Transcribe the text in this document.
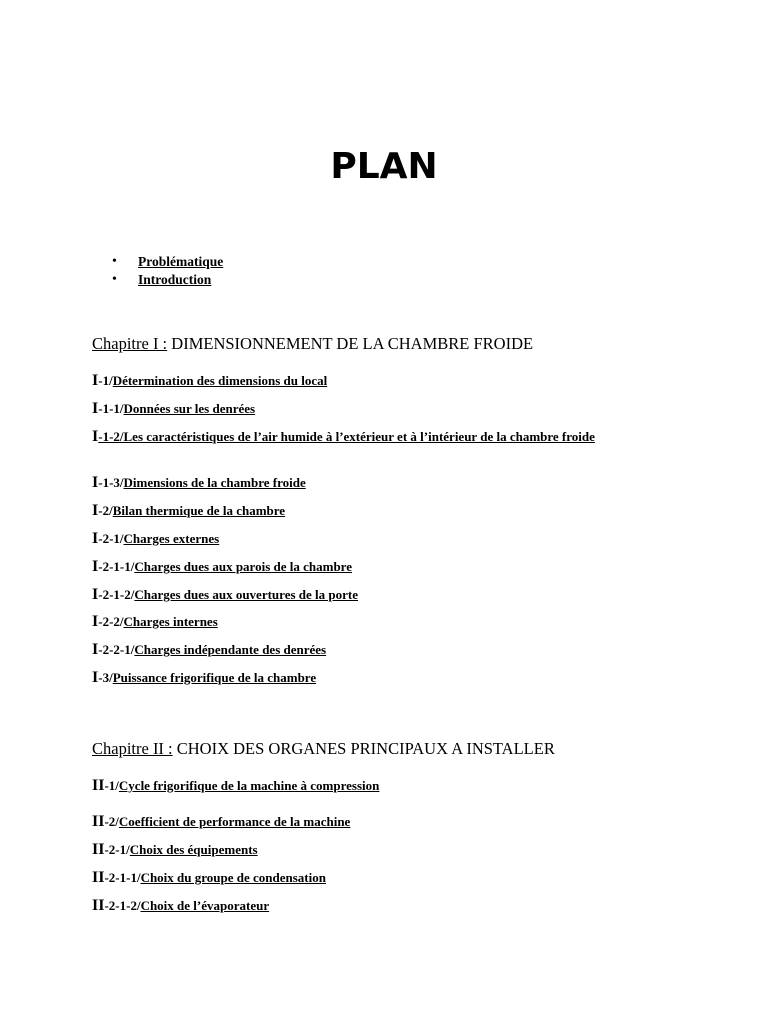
PLAN
• Problématique
• Introduction
Chapitre I : DIMENSIONNEMENT DE LA CHAMBRE FROIDE
I-1/Détermination des dimensions du local
I-1-1/Données sur les denrées
I-1-2/Les caractéristiques de l’air humide à l’extérieur et à l’intérieur de la chambre froide
I-1-3/Dimensions de la chambre froide
I-2/Bilan thermique de la chambre
I-2-1/Charges externes
I-2-1-1/Charges dues aux parois de la chambre
I-2-1-2/Charges dues aux ouvertures de la porte
I-2-2/Charges internes
I-2-2-1/Charges indépendante des denrées
I-3/Puissance frigorifique de la chambre
Chapitre II : CHOIX DES ORGANES PRINCIPAUX A INSTALLER
II-1/Cycle frigorifique de la machine à compression
II-2/Coefficient de performance de la machine
II-2-1/Choix des équipements
II-2-1-1/Choix du groupe de condensation
II-2-1-2/Choix de l’évaporateur
